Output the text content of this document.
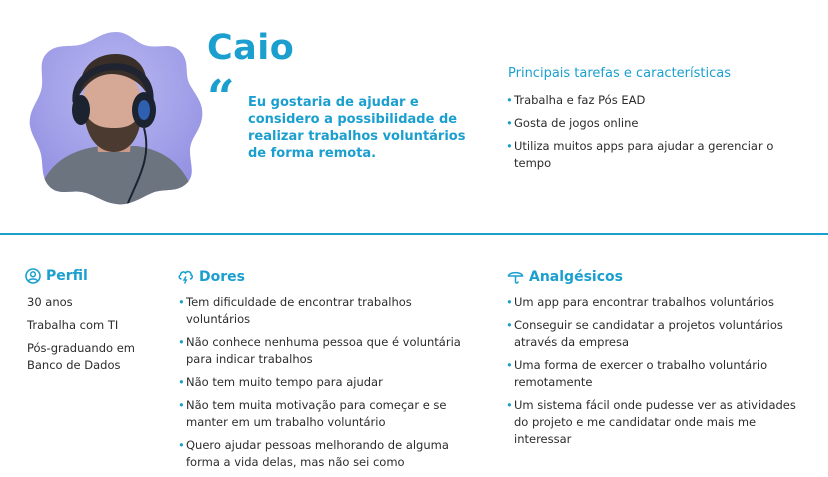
Caio
“ Eu gostaria de ajudar e considero a possibilidade de realizar trabalhos voluntários de forma remota.
Principais tarefas e características
• Trabalha e faz Pós EAD
• Gosta de jogos online
• Utiliza muitos apps para ajudar a gerenciar o tempo
Perfil
30 anos
Trabalha com TI
Pós-graduando em Banco de Dados
Dores
• Tem dificuldade de encontrar trabalhos voluntários
• Não conhece nenhuma pessoa que é voluntária para indicar trabalhos
• Não tem muito tempo para ajudar
• Não tem muita motivação para começar e se manter em um trabalho voluntário
• Quero ajudar pessoas melhorando de alguma forma a vida delas, mas não sei como
Analgésicos
• Um app para encontrar trabalhos voluntários
• Conseguir se candidatar a projetos voluntários através da empresa
• Uma forma de exercer o trabalho voluntário remotamente
• Um sistema fácil onde pudesse ver as atividades do projeto e me candidatar onde mais me interessar
